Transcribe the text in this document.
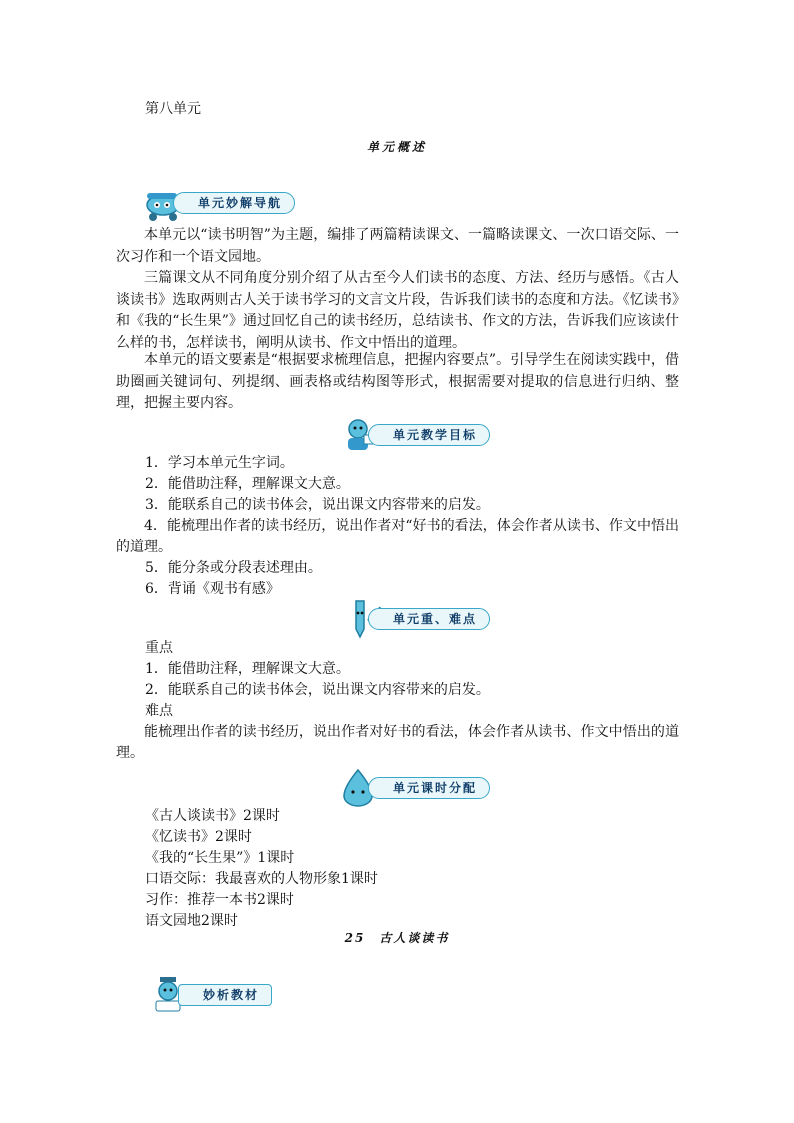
第八单元
单元概述
单元妙解导航
本单元以“读书明智”为主题，编排了两篇精读课文、一篇略读课文、一次口语交际、一次习作和一个语文园地。
三篇课文从不同角度分别介绍了从古至今人们读书的态度、方法、经历与感悟。《古人谈读书》选取两则古人关于读书学习的文言文片段，告诉我们读书的态度和方法。《忆读书》和《我的“长生果”》通过回忆自己的读书经历，总结读书、作文的方法，告诉我们应该读什么样的书，怎样读书，阐明从读书、作文中悟出的道理。
本单元的语文要素是“根据要求梳理信息，把握内容要点”。引导学生在阅读实践中，借助圈画关键词句、列提纲、画表格或结构图等形式，根据需要对提取的信息进行归纳、整理，把握主要内容。
单元教学目标
1．学习本单元生字词。
2．能借助注释，理解课文大意。
3．能联系自己的读书体会，说出课文内容带来的启发。
4．能梳理出作者的读书经历，说出作者对“好书的看法，体会作者从读书、作文中悟出的道理。
5．能分条或分段表述理由。
6．背诵《观书有感》
单元重、难点
重点
1．能借助注释，理解课文大意。
2．能联系自己的读书体会，说出课文内容带来的启发。
难点
能梳理出作者的读书经历，说出作者对好书的看法，体会作者从读书、作文中悟出的道理。
单元课时分配
《古人谈读书》2课时
《忆读书》2课时
《我的“长生果”》1课时
口语交际：我最喜欢的人物形象1课时
习作：推荐一本书2课时
语文园地2课时
25　古人谈读书
妙析教材
